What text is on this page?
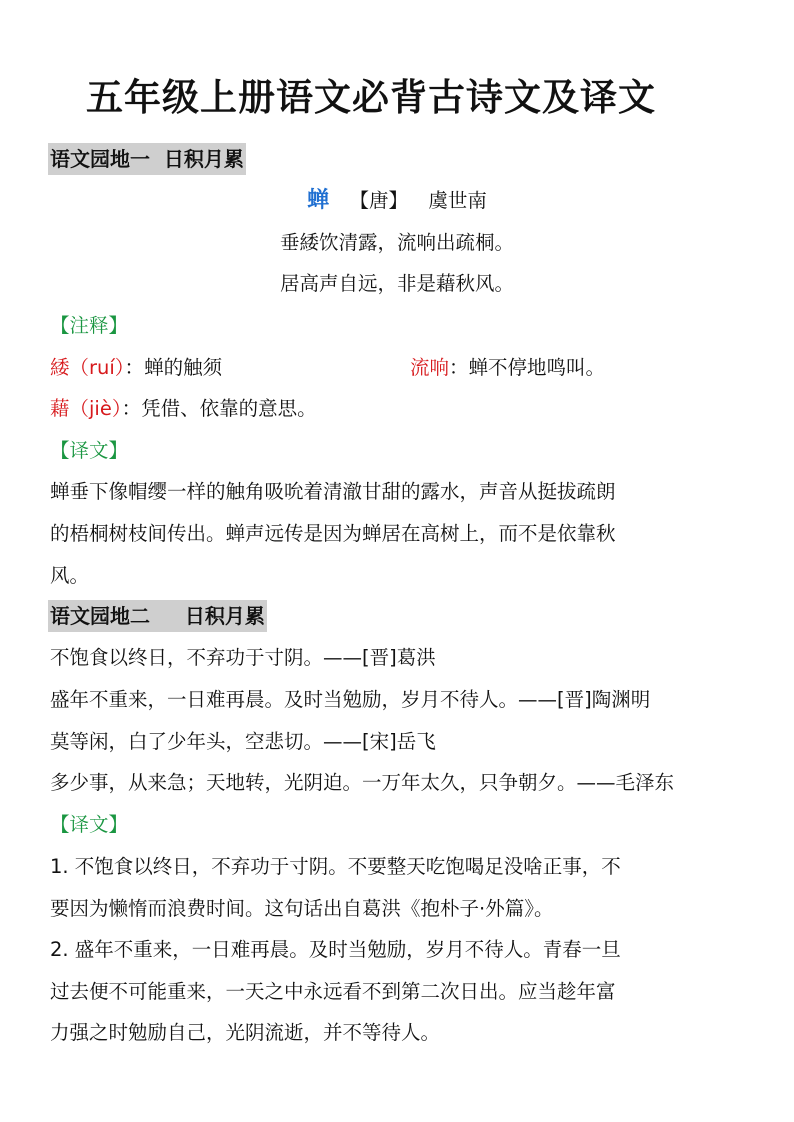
五年级上册语文必背古诗文及译文
语文园地一  日积月累
蝉 【唐】 虞世南
垂緌饮清露，流响出疏桐。
居高声自远，非是藉秋风。
【注释】
緌（ruí）：蝉的触须	流响：蝉不停地鸣叫。
藉（jiè）：凭借、依靠的意思。
【译文】
蝉垂下像帽缨一样的触角吸吮着清澈甘甜的露水，声音从挺拔疏朗
的梧桐树枝间传出。蝉声远传是因为蝉居在高树上，而不是依靠秋
风。
语文园地二     日积月累
不饱食以终日，不弃功于寸阴。——[晋]葛洪
盛年不重来，一日难再晨。及时当勉励，岁月不待人。——[晋]陶渊明
莫等闲，白了少年头，空悲切。——[宋]岳飞
多少事，从来急；天地转，光阴迫。一万年太久，只争朝夕。——毛泽东
【译文】
1. 不饱食以终日，不弃功于寸阴。不要整天吃饱喝足没啥正事，不
要因为懒惰而浪费时间。这句话出自葛洪《抱朴子·外篇》。
2. 盛年不重来，一日难再晨。及时当勉励，岁月不待人。青春一旦
过去便不可能重来，一天之中永远看不到第二次日出。应当趁年富
力强之时勉励自己，光阴流逝，并不等待人。
